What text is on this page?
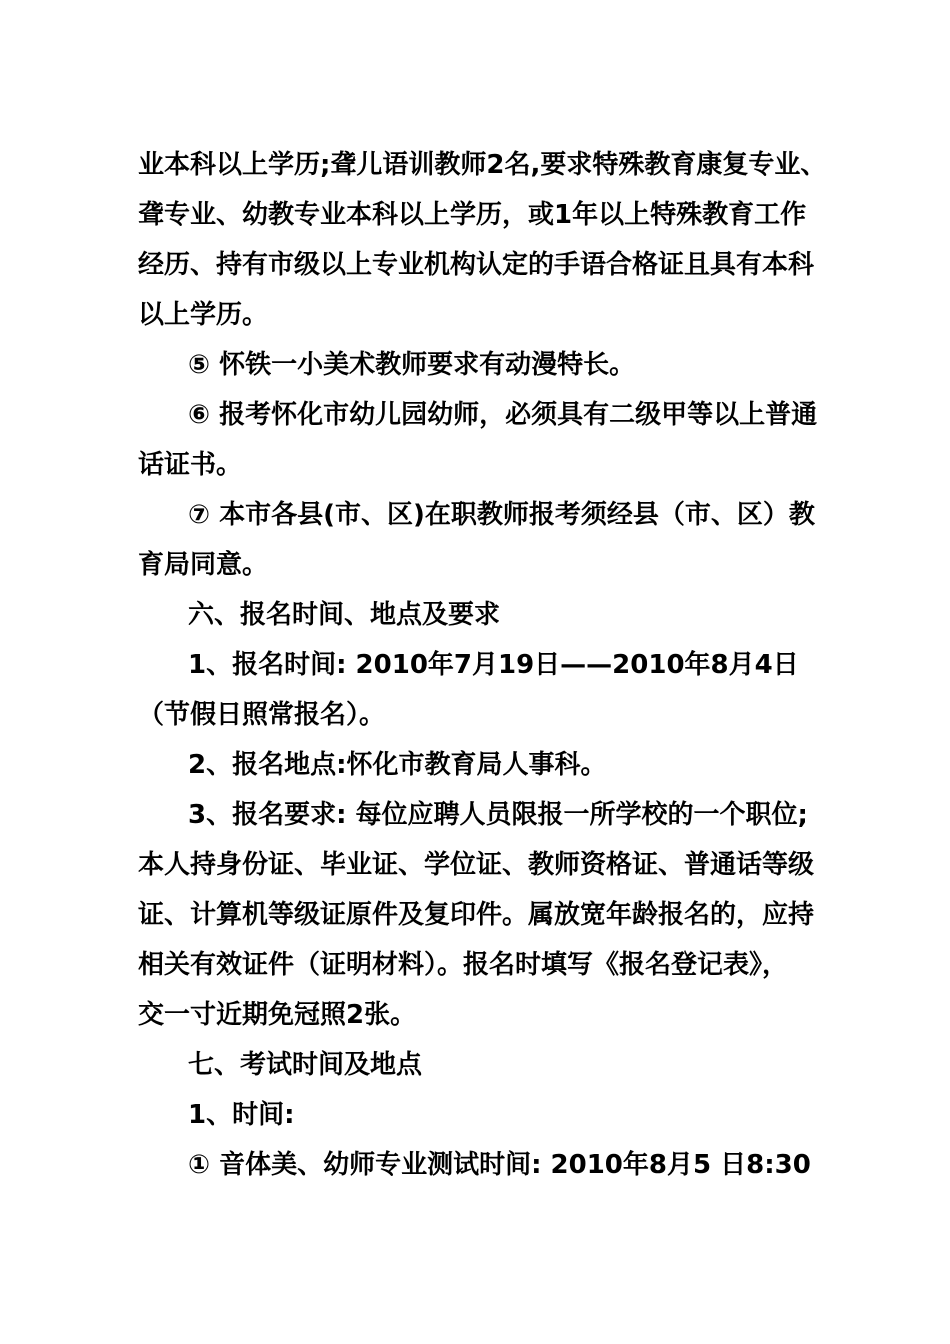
业本科以上学历;聋儿语训教师2名,要求特殊教育康复专业、
聋专业、幼教专业本科以上学历，或1年以上特殊教育工作
经历、持有市级以上专业机构认定的手语合格证且具有本科
以上学历。
⑤ 怀铁一小美术教师要求有动漫特长。
⑥ 报考怀化市幼儿园幼师，必须具有二级甲等以上普通
话证书。
⑦ 本市各县(市、区)在职教师报考须经县（市、区）教
育局同意。
六、报名时间、地点及要求
1、报名时间: 2010年7月19日——2010年8月4日
（节假日照常报名）。
2、报名地点:怀化市教育局人事科。
3、报名要求: 每位应聘人员限报一所学校的一个职位;
本人持身份证、毕业证、学位证、教师资格证、普通话等级
证、计算机等级证原件及复印件。属放宽年龄报名的，应持
相关有效证件（证明材料）。报名时填写《报名登记表》，
交一寸近期免冠照2张。
七、考试时间及地点
1、时间:
① 音体美、幼师专业测试时间: 2010年8月5 日8:30
